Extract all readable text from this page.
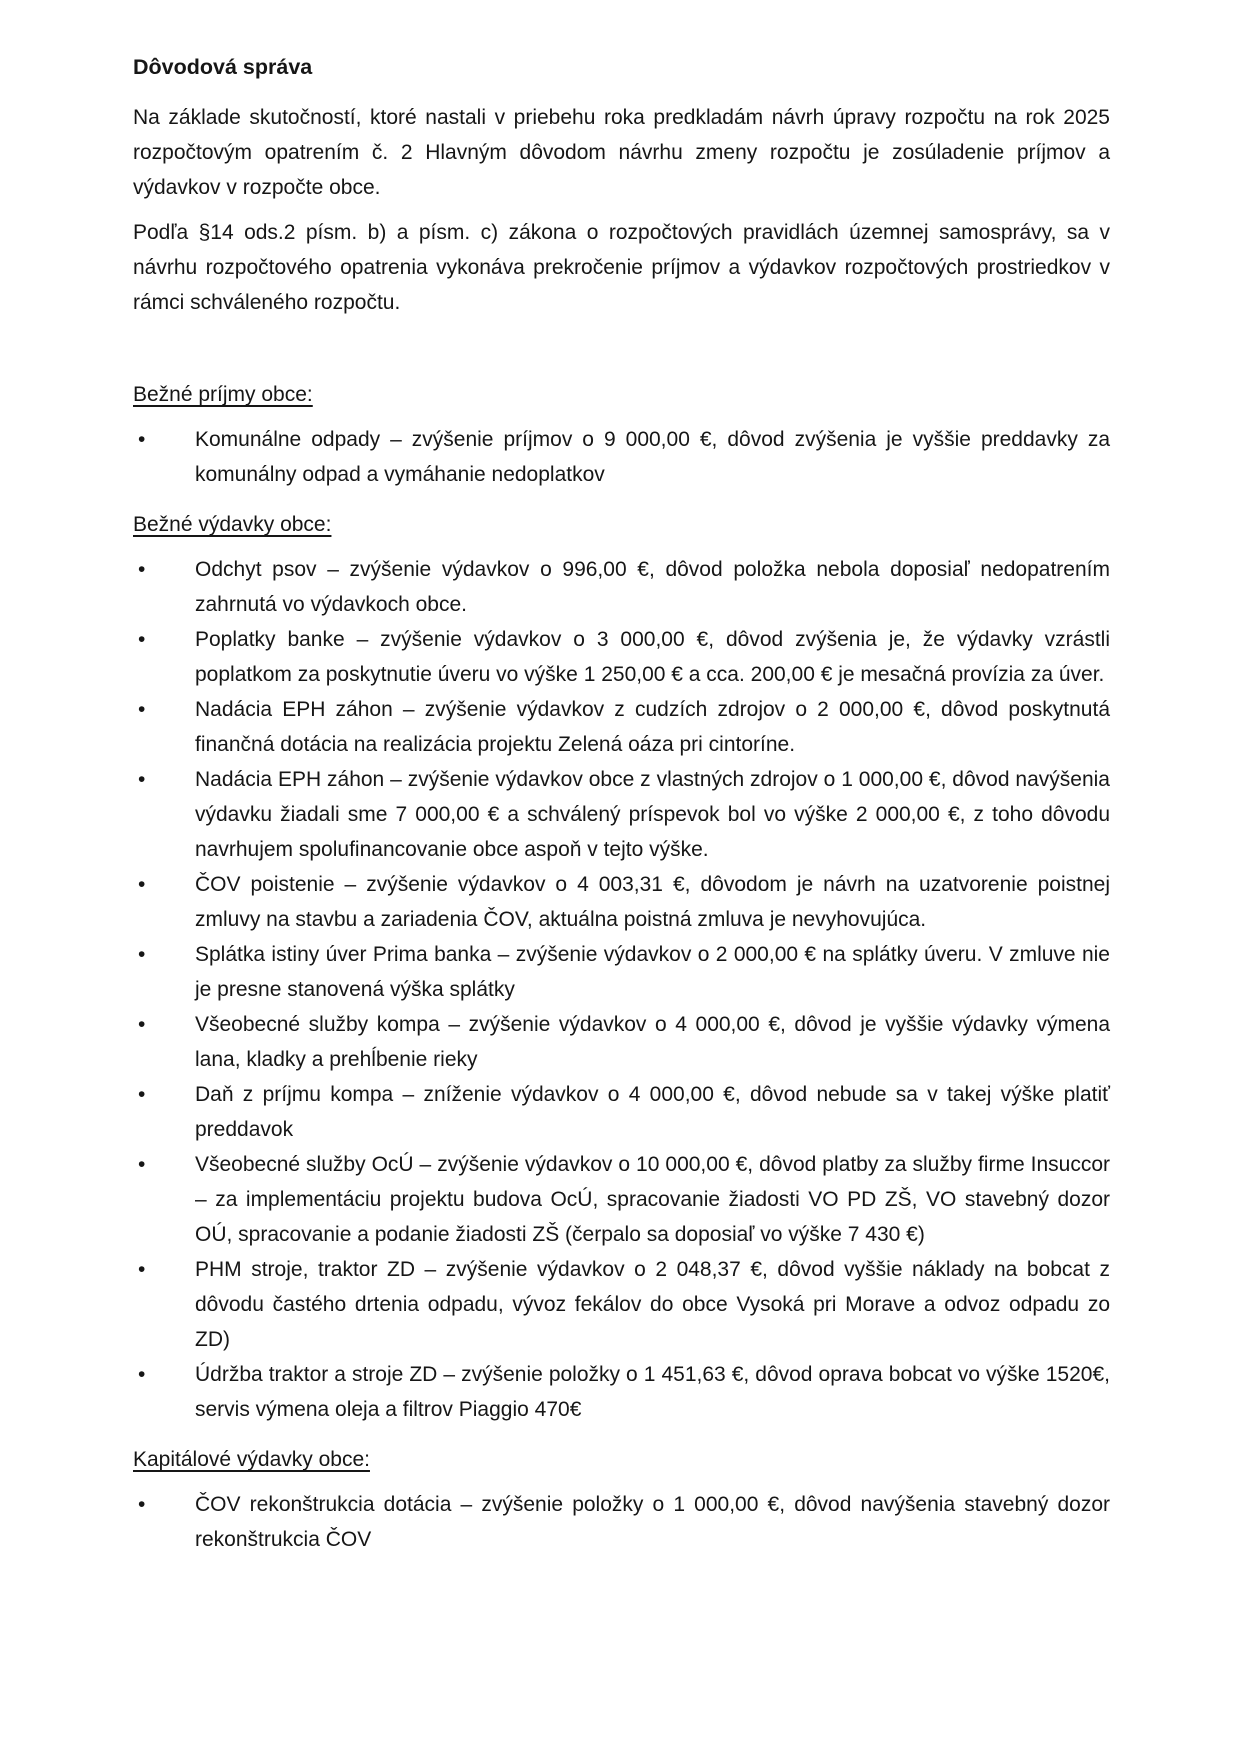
Dôvodová správa

Na základe skutočností, ktoré nastali v priebehu roka predkladám návrh úpravy rozpočtu na rok 2025 rozpočtovým opatrením č. 2 Hlavným dôvodom návrhu zmeny rozpočtu je zosúladenie príjmov a výdavkov v rozpočte obce.

Podľa §14 ods.2 písm. b) a písm. c) zákona o rozpočtových pravidlách územnej samosprávy, sa v návrhu rozpočtového opatrenia vykonáva prekročenie príjmov a výdavkov rozpočtových prostriedkov v rámci schváleného rozpočtu.

Bežné príjmy obce:
• Komunálne odpady – zvýšenie príjmov o 9 000,00 €, dôvod zvýšenia je vyššie preddavky za komunálny odpad a vymáhanie nedoplatkov
Bežné výdavky obce:
• Odchyt psov – zvýšenie výdavkov o 996,00 €, dôvod položka nebola doposiaľ nedopatrením zahrnutá vo výdavkoch obce.
• Poplatky banke – zvýšenie výdavkov o 3 000,00 €, dôvod zvýšenia je, že výdavky vzrástli poplatkom za poskytnutie úveru vo výške 1 250,00 € a cca. 200,00 € je mesačná provízia za úver.
• Nadácia EPH záhon – zvýšenie výdavkov z cudzích zdrojov o 2 000,00 €, dôvod poskytnutá finančná dotácia na realizácia projektu Zelená oáza pri cintoríne.
• Nadácia EPH záhon – zvýšenie výdavkov obce z vlastných zdrojov o 1 000,00 €, dôvod navýšenia výdavku žiadali sme 7 000,00 € a schválený príspevok bol vo výške 2 000,00 €, z toho dôvodu navrhujem spolufinancovanie obce aspoň v tejto výške.
• ČOV poistenie – zvýšenie výdavkov o 4 003,31 €, dôvodom je návrh na uzatvorenie poistnej zmluvy na stavbu a zariadenia ČOV, aktuálna poistná zmluva je nevyhovujúca.
• Splátka istiny úver Prima banka – zvýšenie výdavkov o 2 000,00 € na splátky úveru. V zmluve nie je presne stanovená výška splátky
• Všeobecné služby kompa – zvýšenie výdavkov o 4 000,00 €, dôvod je vyššie výdavky výmena lana, kladky a prehĺbenie rieky
• Daň z príjmu kompa – zníženie výdavkov o 4 000,00 €, dôvod nebude sa v takej výške platiť preddavok
• Všeobecné služby OcÚ – zvýšenie výdavkov o 10 000,00 €, dôvod platby za služby firme Insuccor – za implementáciu projektu budova OcÚ, spracovanie žiadosti VO PD ZŠ, VO stavebný dozor OÚ, spracovanie a podanie žiadosti ZŠ (čerpalo sa doposiaľ vo výške 7 430 €)
• PHM stroje, traktor ZD – zvýšenie výdavkov o 2 048,37 €, dôvod vyššie náklady na bobcat z dôvodu častého drtenia odpadu, vývoz fekálov do obce Vysoká pri Morave a odvoz odpadu zo ZD)
• Údržba traktor a stroje ZD – zvýšenie položky o 1 451,63 €, dôvod oprava bobcat vo výške 1520€, servis výmena oleja a filtrov Piaggio 470€
Kapitálové výdavky obce:
• ČOV rekonštrukcia dotácia – zvýšenie položky o 1 000,00 €, dôvod navýšenia stavebný dozor rekonštrukcia ČOV
